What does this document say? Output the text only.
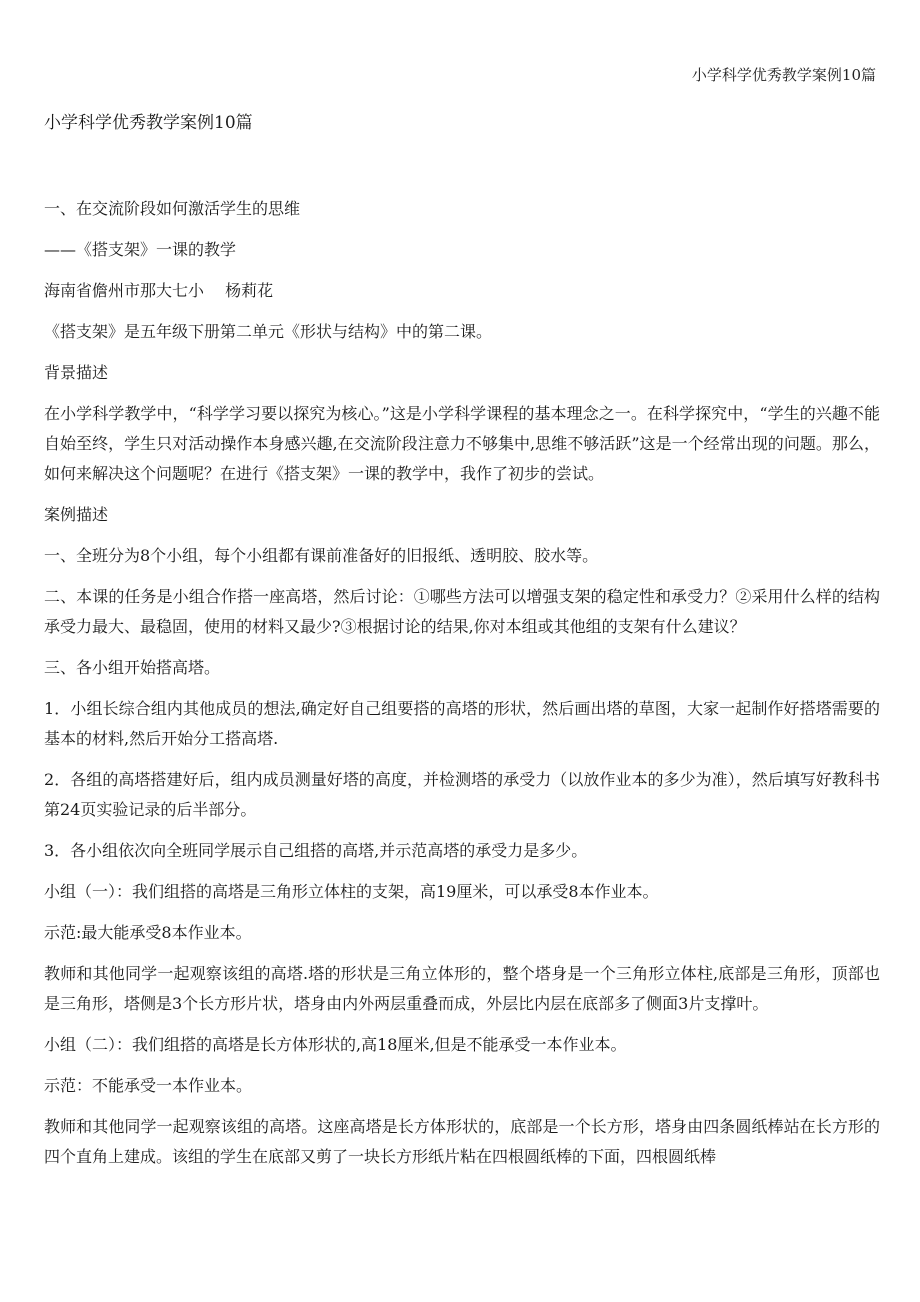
小学科学优秀教学案例10篇
小学科学优秀教学案例10篇

一、在交流阶段如何激活学生的思维

——《搭支架》一课的教学

海南省儋州市那大七小　 杨莉花

《搭支架》是五年级下册第二单元《形状与结构》中的第二课。

背景描述

在小学科学教学中，“科学学习要以探究为核心。”这是小学科学课程的基本理念之一。在科学探究中，“学生的兴趣不能自始至终，学生只对活动操作本身感兴趣,在交流阶段注意力不够集中,思维不够活跃”这是一个经常出现的问题。那么，如何来解决这个问题呢？在进行《搭支架》一课的教学中，我作了初步的尝试。

案例描述

一、全班分为8个小组，每个小组都有课前准备好的旧报纸、透明胶、胶水等。

二、本课的任务是小组合作搭一座高塔，然后讨论：①哪些方法可以增强支架的稳定性和承受力？②采用什么样的结构承受力最大、最稳固，使用的材料又最少?③根据讨论的结果,你对本组或其他组的支架有什么建议？

三、各小组开始搭高塔。

1．小组长综合组内其他成员的想法,确定好自己组要搭的高塔的形状，然后画出塔的草图，大家一起制作好搭塔需要的基本的材料,然后开始分工搭高塔.

2．各组的高塔搭建好后，组内成员测量好塔的高度，并检测塔的承受力（以放作业本的多少为准），然后填写好教科书第24页实验记录的后半部分。

3．各小组依次向全班同学展示自己组搭的高塔,并示范高塔的承受力是多少。

小组（一）：我们组搭的高塔是三角形立体柱的支架，高19厘米，可以承受8本作业本。

示范:最大能承受8本作业本。

教师和其他同学一起观察该组的高塔.塔的形状是三角立体形的，整个塔身是一个三角形立体柱,底部是三角形，顶部也是三角形，塔侧是3个长方形片状，塔身由内外两层重叠而成，外层比内层在底部多了侧面3片支撑叶。

小组（二）：我们组搭的高塔是长方体形状的,高18厘米,但是不能承受一本作业本。

示范：不能承受一本作业本。

教师和其他同学一起观察该组的高塔。这座高塔是长方体形状的，底部是一个长方形，塔身由四条圆纸棒站在长方形的四个直角上建成。该组的学生在底部又剪了一块长方形纸片粘在四根圆纸棒的下面，四根圆纸棒
